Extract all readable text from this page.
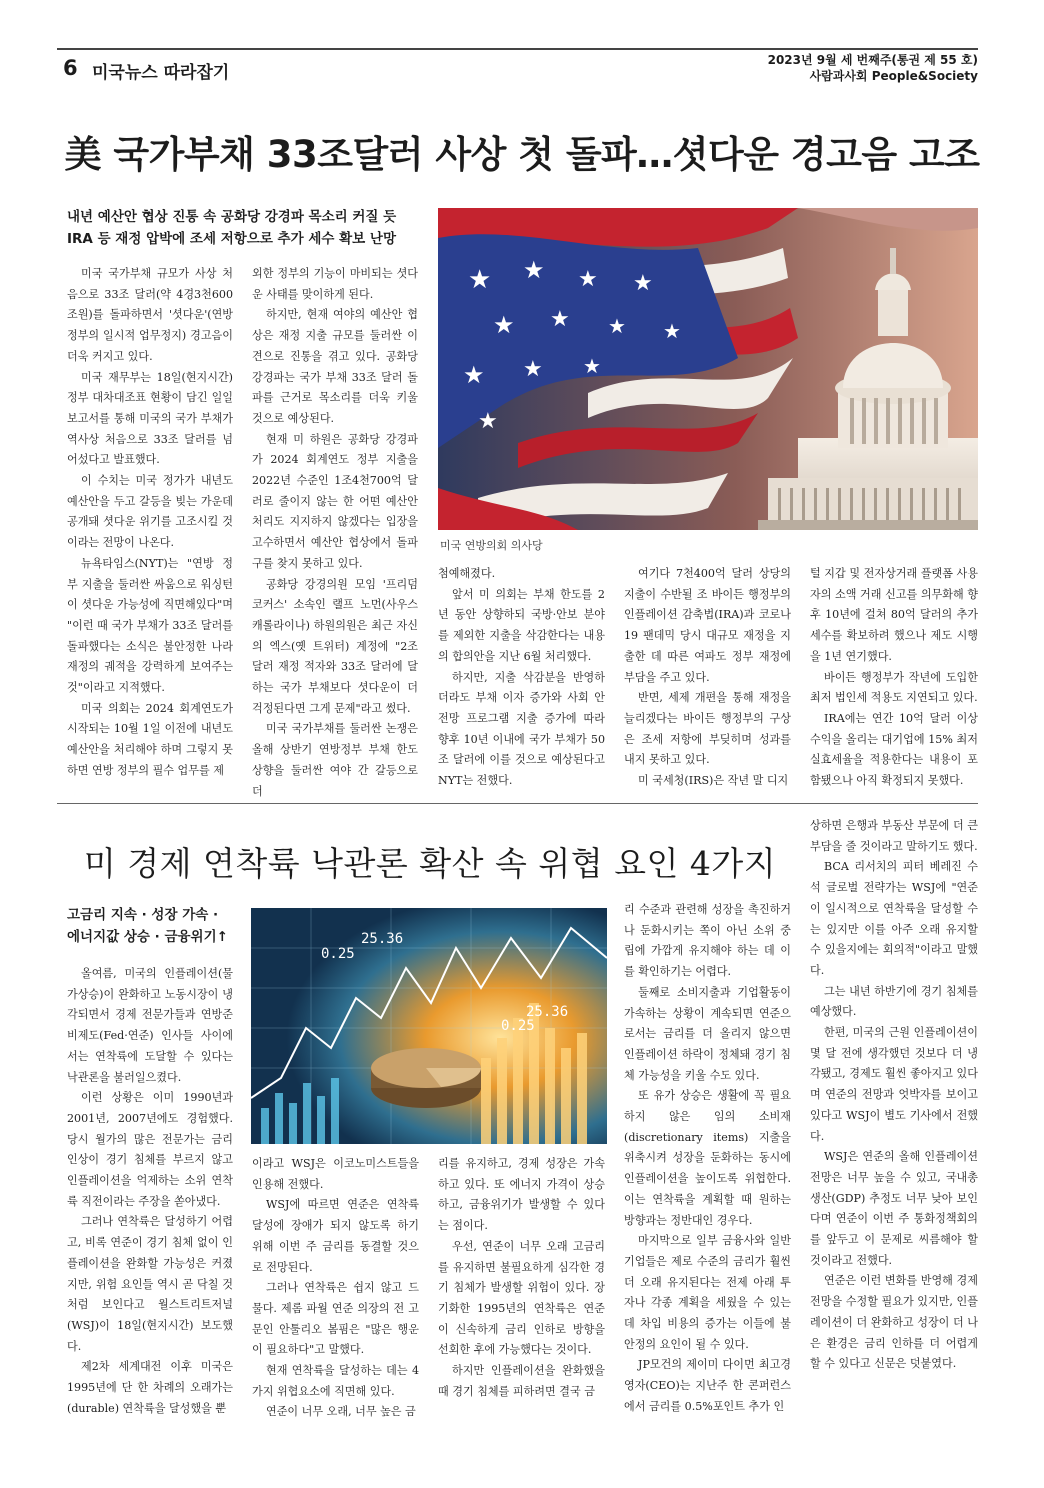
6 미국뉴스 따라잡기
2023년 9월 세 번째주(통권 제 55 호)
사람과사회 People&Society
美 국가부채 33조달러 사상 첫 돌파…셧다운 경고음 고조
내년 예산안 협상 진통 속 공화당 강경파 목소리 커질 듯
IRA 등 재정 압박에 조세 저항으로 추가 세수 확보 난망
★ ★ ★ ★
★ ★ ★ ★
★ ★ ★
★
미국 연방의회 의사당

미국 국가부채 규모가 사상 처음으로 33조 달러(약 4경3천600조원)를 돌파하면서 '셧다운'(연방정부의 일시적 업무정지) 경고음이 더욱 커지고 있다.

미국 재무부는 18일(현지시간) 정부 대차대조표 현황이 담긴 일일 보고서를 통해 미국의 국가 부채가 역사상 처음으로 33조 달러를 넘어섰다고 발표했다.

이 수치는 미국 정가가 내년도 예산안을 두고 갈등을 빚는 가운데 공개돼 셧다운 위기를 고조시킬 것이라는 전망이 나온다.

뉴욕타임스(NYT)는 "연방 정부 지출을 둘러싼 싸움으로 워싱턴이 셧다운 가능성에 직면해있다"며 "이런 때 국가 부채가 33조 달러를 돌파했다는 소식은 불안정한 나라 재정의 궤적을 강력하게 보여주는 것"이라고 지적했다.

미국 의회는 2024 회계연도가 시작되는 10월 1일 이전에 내년도 예산안을 처리해야 하며 그렇지 못하면 연방 정부의 필수 업무를 제

외한 정부의 기능이 마비되는 셧다운 사태를 맞이하게 된다.

하지만, 현재 여야의 예산안 협상은 재정 지출 규모를 둘러싼 이견으로 진통을 겪고 있다. 공화당 강경파는 국가 부채 33조 달러 돌파를 근거로 목소리를 더욱 키울 것으로 예상된다.

현재 미 하원은 공화당 강경파가 2024 회계연도 정부 지출을 2022년 수준인 1조4천700억 달러로 줄이지 않는 한 어떤 예산안 처리도 지지하지 않겠다는 입장을 고수하면서 예산안 협상에서 돌파구를 찾지 못하고 있다.

공화당 강경의원 모임 '프리덤 코커스' 소속인 랠프 노먼(사우스캐롤라이나) 하원의원은 최근 자신의 엑스(옛 트위터) 계정에 "2조 달러 재정 적자와 33조 달러에 달하는 국가 부채보다 셧다운이 더 걱정된다면 그게 문제"라고 썼다.

미국 국가부채를 둘러싼 논쟁은 올해 상반기 연방정부 부채 한도 상향을 둘러싼 여야 간 갈등으로 더

첨예해졌다.

앞서 미 의회는 부채 한도를 2년 동안 상향하되 국방·안보 분야를 제외한 지출을 삭감한다는 내용의 합의안을 지난 6월 처리했다.

하지만, 지출 삭감분을 반영하더라도 부채 이자 증가와 사회 안전망 프로그램 지출 증가에 따라 향후 10년 이내에 국가 부채가 50조 달러에 이를 것으로 예상된다고 NYT는 전했다.

여기다 7천400억 달러 상당의 지출이 수반될 조 바이든 행정부의 인플레이션 감축법(IRA)과 코로나19 팬데믹 당시 대규모 재정을 지출한 데 따른 여파도 정부 재정에 부담을 주고 있다.

반면, 세제 개편을 통해 재정을 늘리겠다는 바이든 행정부의 구상은 조세 저항에 부딪히며 성과를 내지 못하고 있다.

미 국세청(IRS)은 작년 말 디지

털 지갑 및 전자상거래 플랫폼 사용자의 소액 거래 신고를 의무화해 향후 10년에 걸쳐 80억 달러의 추가 세수를 확보하려 했으나 제도 시행을 1년 연기했다.

바이든 행정부가 작년에 도입한 최저 법인세 적용도 지연되고 있다.

IRA에는 연간 10억 달러 이상 수익을 올리는 대기업에 15% 최저실효세율을 적용한다는 내용이 포함됐으나 아직 확정되지 못했다.

미 경제 연착륙 낙관론 확산 속 위협 요인 4가지
고금리 지속 · 성장 가속 ·
에너지값 상승 · 금융위기↑	25.36
0.25
25.36
0.25

올여름, 미국의 인플레이션(물가상승)이 완화하고 노동시장이 냉각되면서 경제 전문가들과 연방준비제도(Fed·연준) 인사들 사이에서는 연착륙에 도달할 수 있다는 낙관론을 불러일으켰다.

이런 상황은 이미 1990년과 2001년, 2007년에도 경험했다. 당시 월가의 많은 전문가는 금리 인상이 경기 침체를 부르지 않고 인플레이션을 억제하는 소위 연착륙 직전이라는 주장을 쏟아냈다.

그러나 연착륙은 달성하기 어렵고, 비록 연준이 경기 침체 없이 인플레이션을 완화할 가능성은 커졌지만, 위험 요인들 역시 곧 닥칠 것처럼 보인다고 월스트리트저널(WSJ)이 18일(현지시간) 보도했다.

제2차 세계대전 이후 미국은 1995년에 단 한 차례의 오래가는(durable) 연착륙을 달성했을 뿐

이라고 WSJ은 이코노미스트들을 인용해 전했다.

WSJ에 따르면 연준은 연착륙 달성에 장애가 되지 않도록 하기 위해 이번 주 금리를 동결할 것으로 전망된다.

그러나 연착륙은 쉽지 않고 드물다. 제롬 파월 연준 의장의 전 고문인 안툴리오 봄핌은 "많은 행운이 필요하다"고 말했다.

현재 연착륙을 달성하는 데는 4가지 위협요소에 직면해 있다.

연준이 너무 오래, 너무 높은 금

리를 유지하고, 경제 성장은 가속하고 있다. 또 에너지 가격이 상승하고, 금융위기가 발생할 수 있다는 점이다.

우선, 연준이 너무 오래 고금리를 유지하면 불필요하게 심각한 경기 침체가 발생할 위험이 있다. 장기화한 1995년의 연착륙은 연준이 신속하게 금리 인하로 방향을 선회한 후에 가능했다는 것이다.

하지만 인플레이션을 완화했을 때 경기 침체를 피하려면 결국 금

리 수준과 관련해 성장을 촉진하거나 둔화시키는 쪽이 아닌 소위 중립에 가깝게 유지해야 하는 데 이를 확인하기는 어렵다.

둘째로 소비지출과 기업활동이 가속하는 상황이 계속되면 연준으로서는 금리를 더 올리지 않으면 인플레이션 하락이 정체돼 경기 침체 가능성을 키울 수도 있다.

또 유가 상승은 생활에 꼭 필요하지 않은 임의 소비재(discretionary items) 지출을 위축시켜 성장을 둔화하는 동시에 인플레이션을 높이도록 위협한다. 이는 연착륙을 계획할 때 원하는 방향과는 정반대인 경우다.

마지막으로 일부 금융사와 일반 기업들은 제로 수준의 금리가 훨씬 더 오래 유지된다는 전제 아래 투자나 각종 계획을 세웠을 수 있는데 차입 비용의 증가는 이들에 불안정의 요인이 될 수 있다.

JP모건의 제이미 다이먼 최고경영자(CEO)는 지난주 한 콘퍼런스에서 금리를 0.5%포인트 추가 인

상하면 은행과 부동산 부문에 더 큰 부담을 줄 것이라고 말하기도 했다.

BCA 리서치의 피터 베레진 수석 글로벌 전략가는 WSJ에 "연준이 일시적으로 연착륙을 달성할 수는 있지만 이를 아주 오래 유지할 수 있을지에는 회의적"이라고 말했다.

그는 내년 하반기에 경기 침체를 예상했다.

한편, 미국의 근원 인플레이션이 몇 달 전에 생각했던 것보다 더 냉각됐고, 경제도 훨씬 좋아지고 있다며 연준의 전망과 엇박자를 보이고 있다고 WSJ이 별도 기사에서 전했다.

WSJ은 연준의 올해 인플레이션 전망은 너무 높을 수 있고, 국내총생산(GDP) 추정도 너무 낮아 보인다며 연준이 이번 주 통화정책회의를 앞두고 이 문제로 씨름해야 할 것이라고 전했다.

연준은 이런 변화를 반영해 경제 전망을 수정할 필요가 있지만, 인플레이션이 더 완화하고 성장이 더 나은 환경은 금리 인하를 더 어렵게 할 수 있다고 신문은 덧붙였다.
